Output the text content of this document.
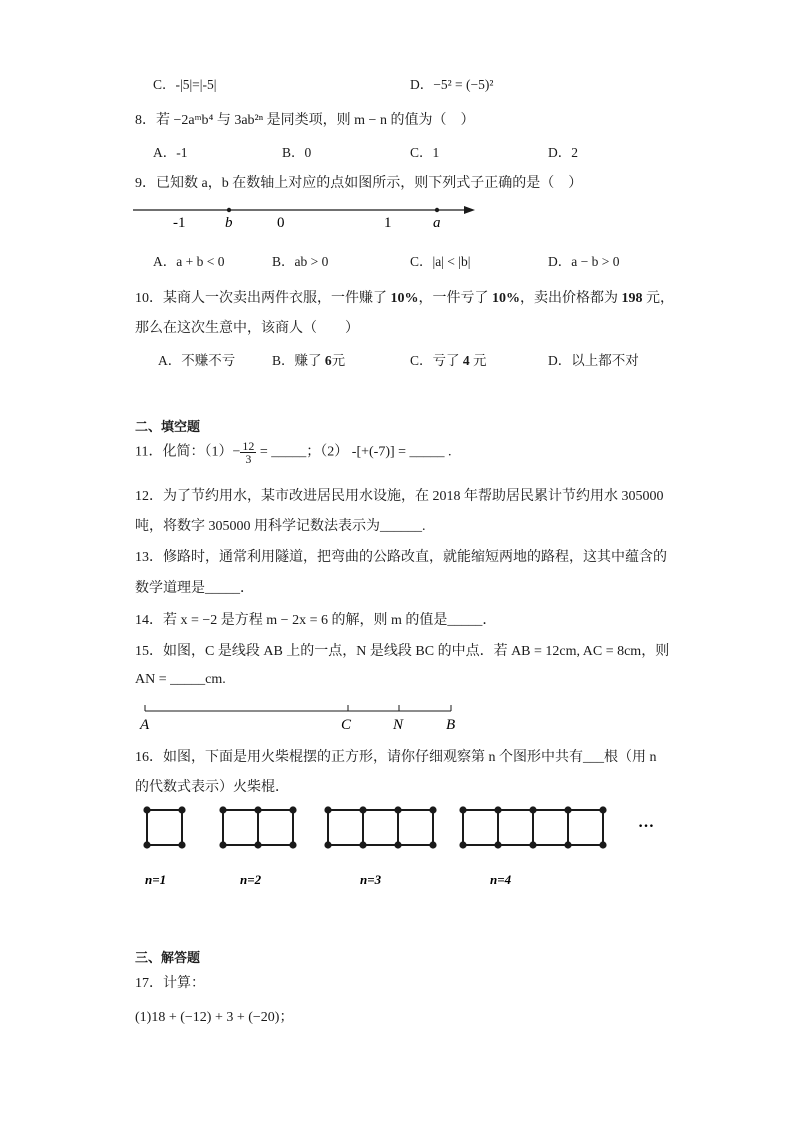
C．-|5|=|-5|	D．−5² = (−5)²
8．若 −2aᵐb⁴ 与 3ab²ⁿ 是同类项，则 m − n 的值为（　）
A．-1	B．0	C．1	D．2
9．已知数 a，b 在数轴上对应的点如图所示，则下列式子正确的是（　）
-1	b	0	1	a
A．a + b < 0	B．ab > 0	C．|a| < |b|	D．a − b > 0
10．某商人一次卖出两件衣服，一件赚了 10%，一件亏了 10%，卖出价格都为 198 元，
那么在这次生意中，该商人（　　）
A．不赚不亏	B．赚了 6元	C．亏了 4 元	D．以上都不对
二、填空题
11．化简：$(1)- \frac{12}{3}$ = _____；（2） -[+(-7)] = _____ .
12．为了节约用水，某市改进居民用水设施，在 2018 年帮助居民累计节约用水 305000
吨，将数字 305000 用科学记数法表示为______.
13．修路时，通常利用隧道，把弯曲的公路改直，就能缩短两地的路程，这其中蕴含的
数学道理是_____．
14．若 x = −2 是方程 m − 2x = 6 的解，则 m 的值是_____．
15．如图，C 是线段 AB 上的一点，N 是线段 BC 的中点．若 AB = 12cm, AC = 8cm，则
AN = _____cm.
A	C	N	B
16．如图，下面是用火柴棍摆的正方形，请你仔细观察第 n 个图形中共有___根（用 n
的代数式表示）火柴棍．
…
n=1	n=2	n=3	n=4
三、解答题
17．计算：
(1)18 + (−12) + 3 + (−20)；
